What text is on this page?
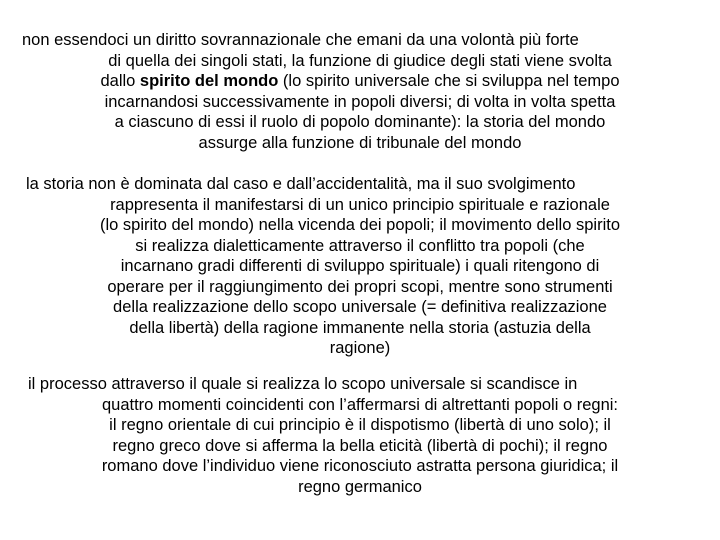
non essendoci un diritto sovrannazionale che emani da una volontà più forte
di quella dei singoli stati, la funzione di giudice degli stati viene svolta
dallo spirito del mondo (lo spirito universale che si sviluppa nel tempo
incarnandosi successivamente in popoli diversi; di volta in volta spetta
a ciascuno di essi il ruolo di popolo dominante): la storia del mondo
assurge alla funzione di tribunale del mondo
la storia non è dominata dal caso e dall’accidentalità, ma il suo svolgimento
rappresenta il manifestarsi di un unico principio spirituale e razionale
(lo spirito del mondo) nella vicenda dei popoli; il movimento dello spirito
si realizza dialetticamente attraverso il conflitto tra popoli (che
incarnano gradi differenti di sviluppo spirituale) i quali ritengono di
operare per il raggiungimento dei propri scopi, mentre sono strumenti
della realizzazione dello scopo universale (= definitiva realizzazione
della libertà) della ragione immanente nella storia (astuzia della
ragione)
il processo attraverso il quale si realizza lo scopo universale si scandisce in
quattro momenti coincidenti con l’affermarsi di altrettanti popoli o regni:
il regno orientale di cui principio è il dispotismo (libertà di uno solo); il
regno greco dove si afferma la bella eticità (libertà di pochi); il regno
romano dove l’individuo viene riconosciuto astratta persona giuridica; il
regno germanico
